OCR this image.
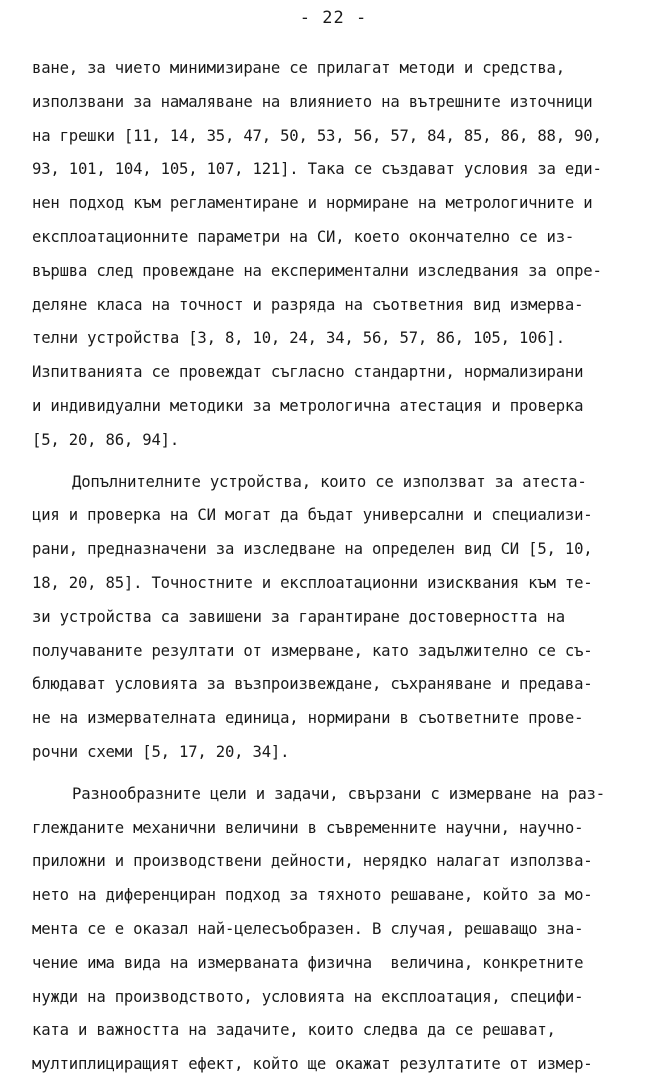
- 22 -
ване, за чието минимизиране се прилагат методи и средства,
използвани за намаляване на влиянието на вътрешните източници
на грешки [11, 14, 35, 47, 50, 53, 56, 57, 84, 85, 86, 88, 90,
93, 101, 104, 105, 107, 121]. Така се създават условия за еди-
нен подход към регламентиране и нормиране на метрологичните и
експлоатационните параметри на СИ, което окончателно се из-
вършва след провеждане на експериментални изследвания за опре-
деляне класа на точност и разряда на съответния вид измерва-
телни устройства [3, 8, 10, 24, 34, 56, 57, 86, 105, 106].
Изпитванията се провеждат съгласно стандартни, нормализирани
и индивидуални методики за метрологична атестация и проверка
[5, 20, 86, 94].
Допълнителните устройства, които се използват за атеста-
ция и проверка на СИ могат да бъдат универсални и специализи-
рани, предназначени за изследване на определен вид СИ [5, 10,
18, 20, 85]. Точностните и експлоатационни изисквания към те-
зи устройства са завишени за гарантиране достоверността на
получаваните резултати от измерване, като задължително се съ-
блюдават условията за възпроизвеждане, съхраняване и предава-
не на измервателната единица, нормирани в съответните прове-
рочни схеми [5, 17, 20, 34].
Разнообразните цели и задачи, свързани с измерване на раз-
глежданите механични величини в съвременните научни, научно-
приложни и производствени дейности, нерядко налагат използва-
нето на диференциран подход за тяхното решаване, който за мо-
мента се е оказал най-целесъобразен. В случая, решаващо зна-
чение има вида на измерваната физична  величина, конкретните
нужди на производството, условията на експлоатация, специфи-
ката и важността на задачите, които следва да се решават,
мултиплициращият ефект, който ще окажат резултатите от измер-
